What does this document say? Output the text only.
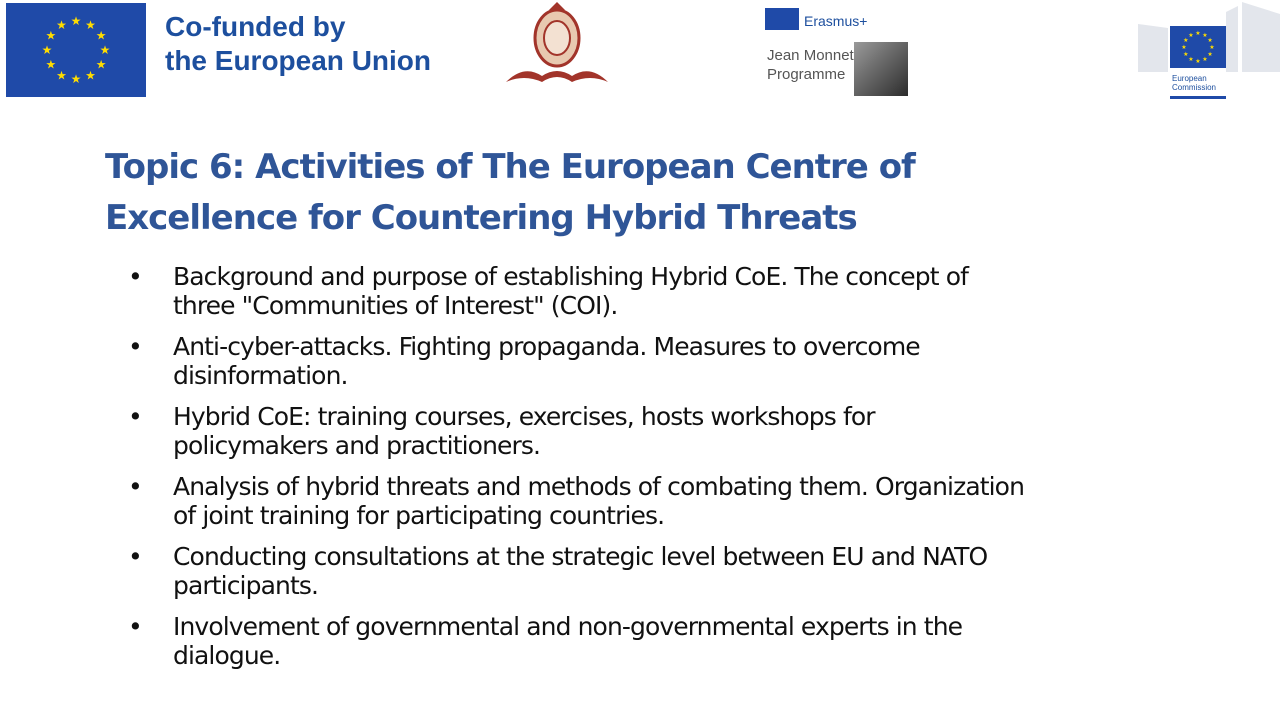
★ ★
★
★
★
★
★
★
★
★
★
★	Co-funded by
the European Union
Erasmus+
Jean Monnet
Programme
★ ★
★
★
★
★
★
★
★
★
★
★
European
Commission
Topic 6: Activities of The European Centre of
Excellence for Countering Hybrid Threats
• Background and purpose of establishing Hybrid CoE. The concept of
three "Communities of Interest" (COI).
• Anti-cyber-attacks. Fighting propaganda. Measures to overcome
disinformation.
• Hybrid CoE: training courses, exercises, hosts workshops for
policymakers and practitioners.
• Analysis of hybrid threats and methods of combating them. Organization
of joint training for participating countries.
• Conducting consultations at the strategic level between EU and NATO
participants.
• Involvement of governmental and non-governmental experts in the
dialogue.
